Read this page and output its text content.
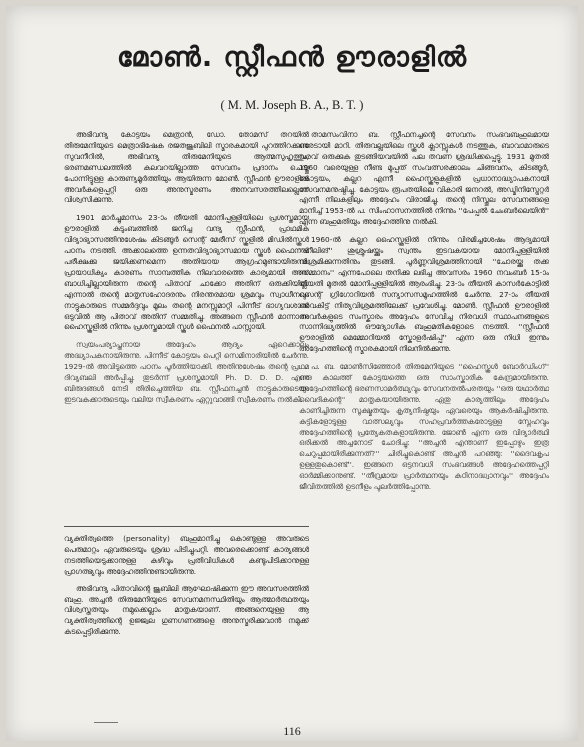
മോൺ. സ്റ്റീഫൻ ഊരാളിൽ
( M. M. Joseph B. A., B. T. )

അഭിവന്ദ്യ കോട്ടയം മെത്രാൻ, ഡോ. തോമസ് തറയിൽ തിരുമേനിയുടെ മെത്രാഭിഷേക രജതജൂബിലി സ്മാരകമായി പുറത്തിറക്കുന്ന സുവനീറിൽ, അഭിവന്ദ്യ തിരുമേനിയുടെ ആത്മസുഹൃത്തും, ഭരണമണ്ഡലത്തിൽ കലവറയില്ലാത്ത സേവനം പ്രദാനം ചെയ്തു പോന്നിട്ടുള്ള കാരുണ്യമൂർത്തിയും ആയിരുന്ന മോൺ. സ്റ്റീഫൻ ഊരാളിൽ അവർകളെപ്പറ്റി ഒരു അനുസ്മരണം അനവസരത്തിലല്ലെന്ന് വിശ്വസിക്കുന്നു.

1901 മാർച്ചുമാസം 23-ാം തീയതി മോനിപ്പള്ളിയിലെ പ്രശസ്തമായ ഊരാളിൽ കുടുംബത്തിൽ ജനിച്ച വന്ദ്യ സ്റ്റീഫൻ, പ്രാഥമിക വിദ്യാഭ്യാസത്തിനുശേഷം കിടങ്ങൂർ സെന്റ് മേരീസ് സ്കൂളിൽ മിഡിൽസ്കൂൾ പഠനം നടത്തി. അക്കാലത്തെ ഉന്നതവിദ്യാഭ്യാസമായ സ്കൂൾ ഫൈനൽ പരീക്ഷക്കു ജയിക്കണമെന്ന അതിയായ ആഗ്രഹമുണ്ടായിരുന്നു. പ്രായാധിക്യം കാരണം സാമ്പത്തിക നിലവാരത്തെ കാര്യമായി അത് ബാധിച്ചില്ലായിരുന്ന തന്റെ പിതാവ് ചാക്കോ അതിന് ഒരുക്കിയില്ല. എന്നാൽ തന്റെ മാതൃസഹോദരനും നിരന്തരമായ ശ്രമവും സ്വാധീനവും നാട്ടുകാരുടെ സമ്മർദ്ദവും മൂലം തന്റെ മനസ്സുമാറ്റി പിന്നീട് ഭാഗ്യവശാൽ ഒടുവിൽ ആ പിതാവ് അതിന് സമ്മതിച്ചു. അങ്ങനെ സ്റ്റീഫൻ മാന്നാനം ഹൈസ്കൂളിൽ നിന്നും പ്രശസ്തമായി സ്കൂൾ ഫൈനൽ പാസ്സായി.

സ്വയംപര്യാപ്തനായ അദ്ദേഹം ആദ്യം ഏറെക്കാലം അദ്ധ്യാപകനായിരുന്നു. പിന്നീട് കോട്ടയം പെറ്റി സെമിനാരിയിൽ ചേർന്നു. 1929-ൽ അവിടുത്തെ പഠനം പൂർത്തിയാക്കി. അതിനുശേഷം തന്റെ പ്രഥമ ദിവ്യബലി അർപ്പിച്ചു. തുടർന്ന് പ്രശസ്തമായി Ph. D. D. D. എന്ന ബിരുദങ്ങൾ നേടി തിരിച്ചെത്തിയ ബ. സ്റ്റീഫനച്ചൻ നാട്ടുകാരുടെയും ഇടവകക്കാരുടെയും വലിയ സ്വീകരണം ഏറ്റുവാങ്ങി സ്വീകരണം നൽകി.

വ്യക്തിത്വത്തെ (personality) ബഹുമാനിച്ചു കൊണ്ടുള്ള അവരുടെ പെരുമാറ്റം ഏവരുടെയും ശ്രദ്ധ പിടിച്ചുപറ്റി. അവരെക്കൊണ്ട് കാര്യങ്ങൾ നടത്തിയെടുക്കാനുള്ള കഴിവും പ്രതിവിധികൾ കണ്ടുപിടിക്കാനുള്ള പ്രാഗത്ഭ്യവും അദ്ദേഹത്തിനുണ്ടായിരുന്നു.

അഭിവന്ദ്യ പിതാവിന്റെ ജൂബിലി ആഘോഷിക്കുന്ന ഈ അവസരത്തിൽ ബഹു. അച്ചൻ തിരുമേനിയുടെ സേവനമനസ്ഥിതിയും ആത്മാർത്ഥതയും വിശ്വസ്തതയും നമുക്കെല്ലാം മാതൃകയാണ്. അങ്ങനെയുള്ള ആ വ്യക്തിത്വത്തിന്റെ ഉജ്ജ്വല ഗുണഗണങ്ങളെ അനുസ്മരിക്കുവാൻ നമുക്ക് കടപ്പെട്ടിരിക്കുന്നു.

താമസംവിനാ ബ. സ്റ്റീഫനച്ചന്റെ സേവനം സംഭവബഹുലമായ ഒരേടായി മാറി. തിരുവല്ലയിലെ സ്കൂൾ ക്ലാസ്സുകൾ നടത്തുക, ബാവാമാരുടെ വരവ് ഒരുക്കുക തുടങ്ങിയവയിൽ പല തവണ ശ്രദ്ധിക്കപ്പെട്ടു. 1931 മുതൽ 1960 വരെയുള്ള നീണ്ട മുപ്പത് സംവത്സരക്കാലം ചിങ്ങവനം, കിടങ്ങൂർ, കോട്ടയം, കല്ലറ എന്നീ ഹൈസ്കൂളുകളിൽ പ്രധാനാദ്ധ്യാപകനായി സേവനമനുഷ്ഠിച്ചു. കോട്ടയം രൂപതയിലെ വികാരി ജനറൽ, അഡ്മിനിസ്ട്രേറ്റർ എന്നീ നിലകളിലും അദ്ദേഹം വിരാജിച്ചു. തന്റെ നിസ്തുല സേവനങ്ങളെ മാനിച്ച് 1953-ൽ പ. സിംഹാസനത്തിൽ നിന്നും ''പേപ്പൽ ചേംബർലെയിൻ'' എന്ന ബഹുമതിയും അദ്ദേഹത്തിനു നൽകി.

1960-ൽ കല്ലറ ഹൈസ്കൂളിൽ നിന്നും വിരമിച്ചശേഷം ആദ്യമായി ''ഹീലിങ്'' ശുശ്രൂഷയ്ക്കും സ്വന്തം ഇടവകയായ മോനിപ്പള്ളിയിൽ വിശ്രമിക്കുന്നതിനും തുടങ്ങി. പൂർണ്ണവിശ്രമത്തിനായി ''ചോരയ്ക്കു തക്ക സമ്മാനം'' എന്നപോലെ തനിക്കു ലഭിച്ച അവസരം 1960 നവംബർ 15-ാം തീയതി മുതൽ മോനിപ്പള്ളിയിൽ ആരംഭിച്ചു. 23-ാം തീയതി കാസർകോട്ടിൽ സെന്റ് ഗ്രിഗോറിയൻ സന്യാസസമൂഹത്തിൽ ചേർന്നു. 27-ാം തീയതി വൈകിട്ട് നിത്യവിശ്രമത്തിലേക്ക് പ്രവേശിച്ചു. മോൺ. സ്റ്റീഫൻ ഊരാളിൽ അവർകളുടെ സംസ്കാരം അദ്ദേഹം സേവിച്ച നിരവധി സ്ഥാപനങ്ങളുടെ സാന്നിദ്ധ്യത്തിൽ ഔദ്യോഗിക ബഹുമതികളോടെ നടത്തി. ''സ്റ്റീഫൻ ഊരാളിൽ മെമ്മോറിയൽ സ്കോളർഷിപ്പ്'' എന്ന ഒരു നിധി ഇന്നും അദ്ദേഹത്തിന്റെ സ്മാരകമായി നിലനിൽക്കുന്നു.

പ. ബ. മോൺസിഞ്ഞോർ തിരുമേനിയുടെ ''ഹൈസ്കൂൾ ബോർഡിംഗ്'' ഒരു കാലത്ത് കോട്ടയത്തെ ഒരു സാംസ്കാരിക കേന്ദ്രമായിരുന്നു. അദ്ദേഹത്തിന്റെ ഭരണസാമർത്ഥ്യവും സേവനതൽപരതയും ''ഒരു യഥാർത്ഥ വൈദികന്റെ'' മാതൃകയായിരുന്നു. ഏതു കാര്യത്തിലും അദ്ദേഹം കാണിച്ചിരുന്ന സൂക്ഷ്മതയും കൃത്യനിഷ്ഠയും ഏവരെയും ആകർഷിച്ചിരുന്നു. കുട്ടികളോടുള്ള വാത്സല്യവും സഹപ്രവർത്തകരോടുള്ള സ്നേഹവും അദ്ദേഹത്തിന്റെ പ്രത്യേകതകളായിരുന്നു. ജോൺ എന്ന ഒരു വിദ്യാർത്ഥി ഒരിക്കൽ അച്ചനോട് ചോദിച്ചു: ''അച്ചൻ എന്താണ് ഇപ്പോഴും ഇത്ര ചെറുപ്പമായിരിക്കുന്നത്?'' ചിരിച്ചുകൊണ്ട് അച്ചൻ പറഞ്ഞു: ''ദൈവകൃപ ഉള്ളതുകൊണ്ട്''. ഇങ്ങനെ ഒട്ടനവധി സംഭവങ്ങൾ അദ്ദേഹത്തെപ്പറ്റി ഓർമ്മിക്കാനുണ്ട്. ''തീവ്രമായ പ്രാർത്ഥനയും കഠിനാദ്ധ്വാനവും'' അദ്ദേഹം ജീവിതത്തിൽ ഉടനീളം പുലർത്തിപ്പോന്നു.

116
